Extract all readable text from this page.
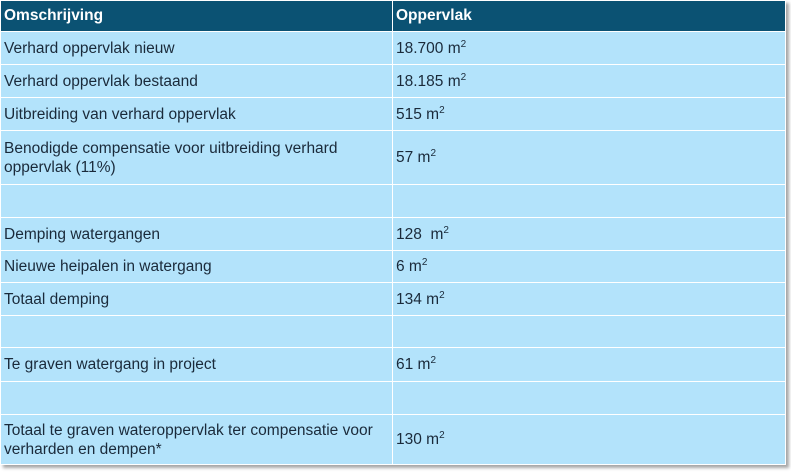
Omschrijving	Oppervlak
Verhard oppervlak nieuw	18.700 $m^2$
Verhard oppervlak bestaand	18.185 $m^2$
Uitbreiding van verhard oppervlak	515 $m^2$
Benodigde compensatie voor uitbreiding verhard oppervlak (11%)	57 $m^2$

Demping watergangen	128  $m^2$
Nieuwe heipalen in watergang	6 $m^2$
Totaal demping	134 $m^2$

Te graven watergang in project	61 $m^2$

Totaal te graven wateroppervlak ter compensatie voor verharden en dempen*	130 $m^2$
